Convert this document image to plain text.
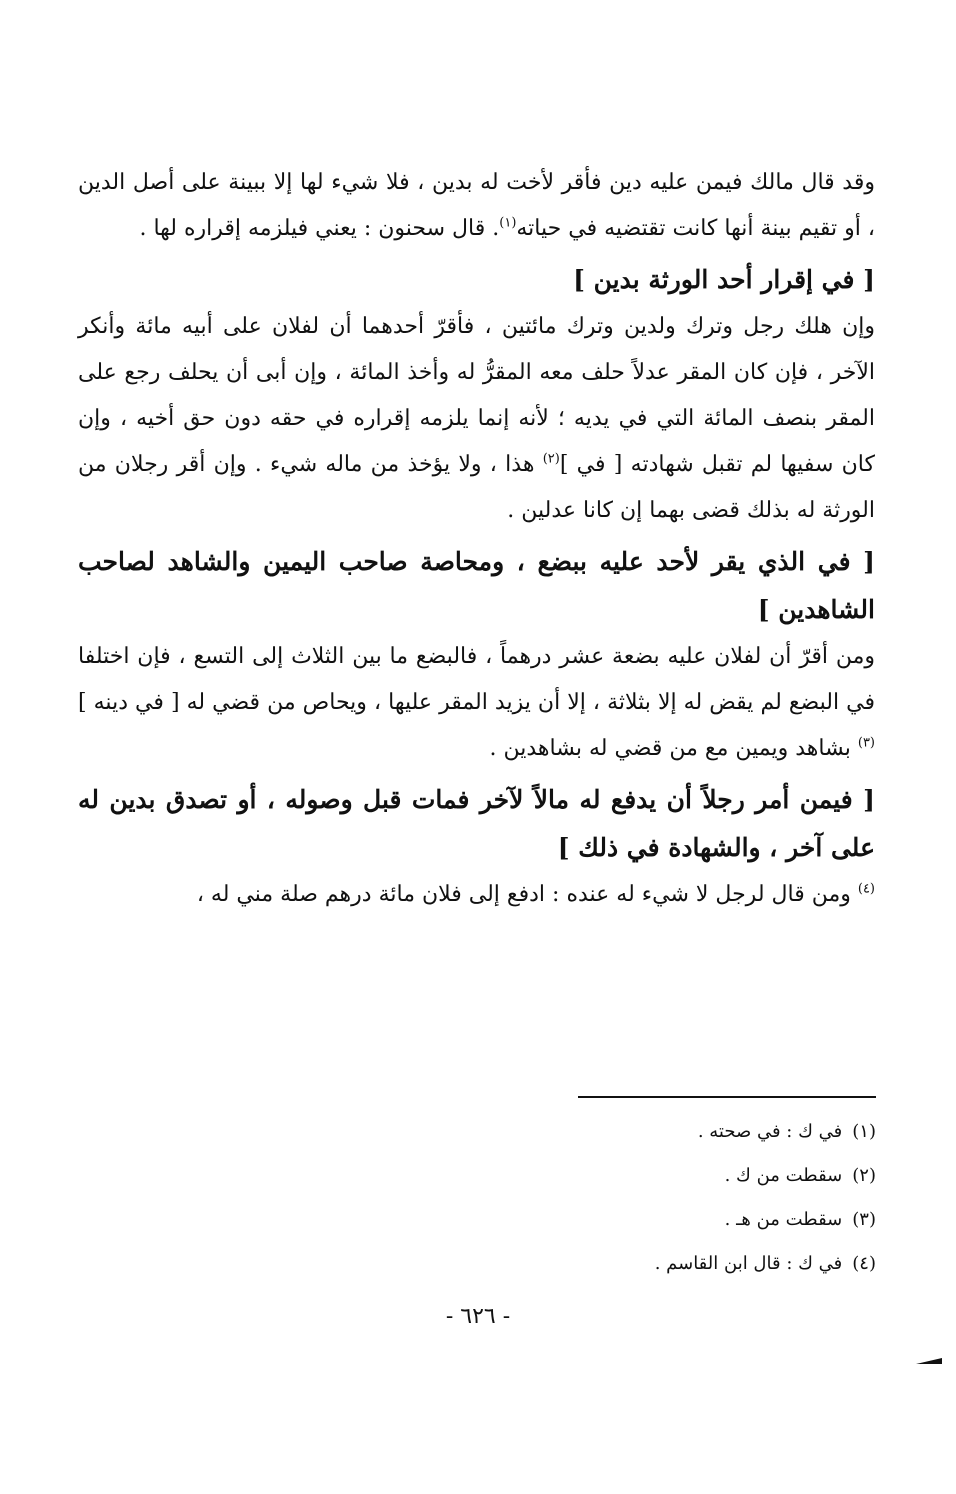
وقد قال مالك فيمن عليه دين فأقر لأخت له بدين ، فلا شيء لها إلا ببينة على أصل الدين ، أو تقيم بينة أنها كانت تقتضيه في حياته$^{(١)}$. قال سحنون : يعني فيلزمه إقراره لها .

[ في إقرار أحد الورثة بدين ]

وإن هلك رجل وترك ولدين وترك مائتين ، فأقرّ أحدهما أن لفلان على أبيه مائة وأنكر الآخر ، فإن كان المقر عدلاً حلف معه المقرُّ له وأخذ المائة ، وإن أبى أن يحلف رجع على المقر بنصف المائة التي في يديه ؛ لأنه إنما يلزمه إقراره في حقه دون حق أخيه ، وإن كان سفيها لم تقبل شهادته [ في ]$^{(٢)}$ هذا ، ولا يؤخذ من ماله شيء . وإن أقر رجلان من الورثة له بذلك قضى بهما إن كانا عدلين .

[ في الذي يقر لأحد عليه ببضع ، ومحاصة صاحب اليمين والشاهد لصاحب الشاهدين ]

ومن أقرّ أن لفلان عليه بضعة عشر درهماً ، فالبضع ما بين الثلاث إلى التسع ، فإن اختلفا في البضع لم يقض له إلا بثلاثة ، إلا أن يزيد المقر عليها ، ويحاص من قضي له [ في دينه ]$^{(٣)}$ بشاهد ويمين مع من قضي له بشاهدين .

[ فيمن أمر رجلاً أن يدفع له مالاً لآخر فمات قبل وصوله ، أو تصدق بدين له على آخر ، والشهادة في ذلك ]

$^{(٤)}$ ومن قال لرجل لا شيء له عنده : ادفع إلى فلان مائة درهم صلة مني له ،

(١)في ك : في صحته .
(٢)سقطت من ك .
(٣)سقطت من هـ .
(٤)في ك : قال ابن القاسم .
- ٦٢٦ -
